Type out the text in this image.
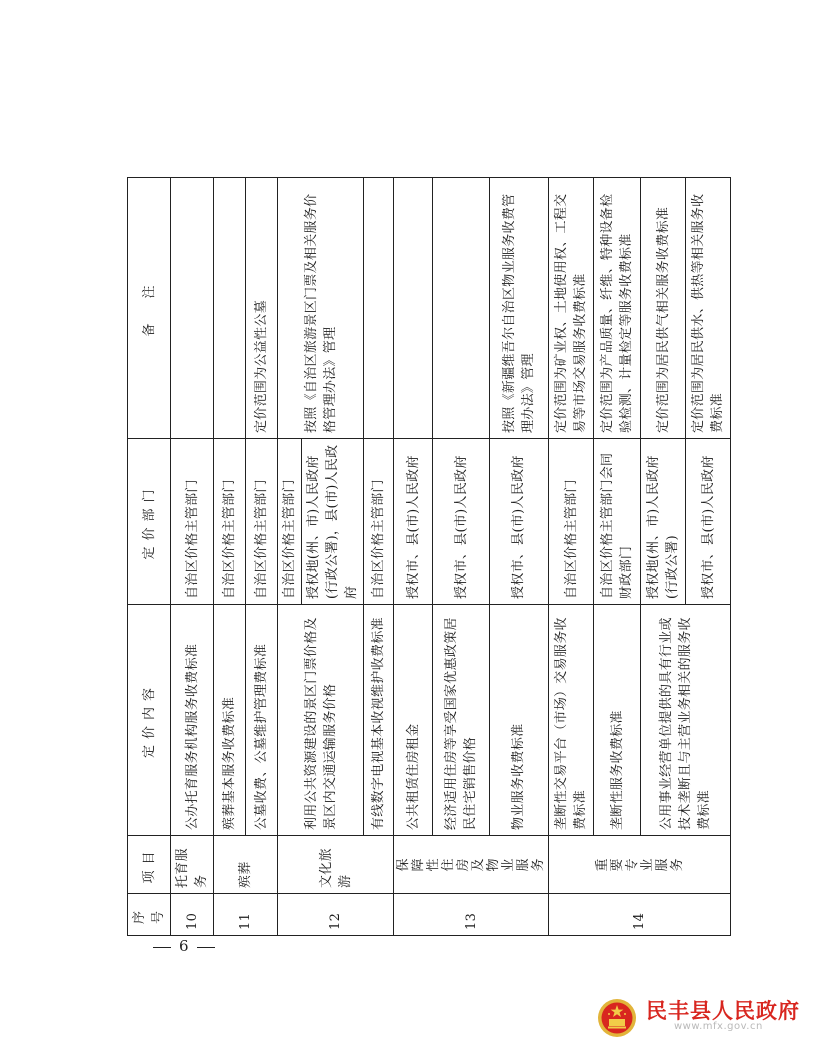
序号	项目	定价内容	定价部门	备　注
10	托育服务	公办托育服务机构服务收费标准	自治区价格主管部门	
11	殡葬	殡葬基本服务收费标准	自治区价格主管部门	
		公墓收费、公墓维护管理费标准	自治区价格主管部门	定价范围为公益性公墓
12	文化旅游	利用公共资源建设的景区门票价格及景区内交通运输服务价格	自治区价格主管部门	按照《自治区旅游景区门票及相关服务价格管理办法》管理
			授权地(州、市)人民政府(行政公署)，县(市)人民政府	
		有线数字电视基本收视维护收费标准	自治区价格主管部门	
13	保障性住房及物业服务	公共租赁住房租金	授权市、县(市)人民政府	
		经济适用住房等享受国家优惠政策居民住宅销售价格	授权市、县(市)人民政府	
		物业服务收费标准	授权市、县(市)人民政府	按照《新疆维吾尔自治区物业服务收费管理办法》管理
14	重要专业服务	垄断性交易平台（市场）交易服务收费标准	自治区价格主管部门	定价范围为矿业权、土地使用权、工程交易等市场交易服务收费标准
		垄断性服务收费标准	自治区价格主管部门会同财政部门	定价范围为产品质量、纤维、特种设备检验检测、计量检定等服务收费标准
		公用事业经营单位提供的具有行业或技术垄断且与主营业务相关的服务收费标准	授权地(州、市)人民政府(行政公署)	定价范围为居民供气相关服务收费标准
			授权市、县(市)人民政府	定价范围为居民供水、供热等相关服务收费标准
6
民丰县人民政府
www.mfx.gov.cn
